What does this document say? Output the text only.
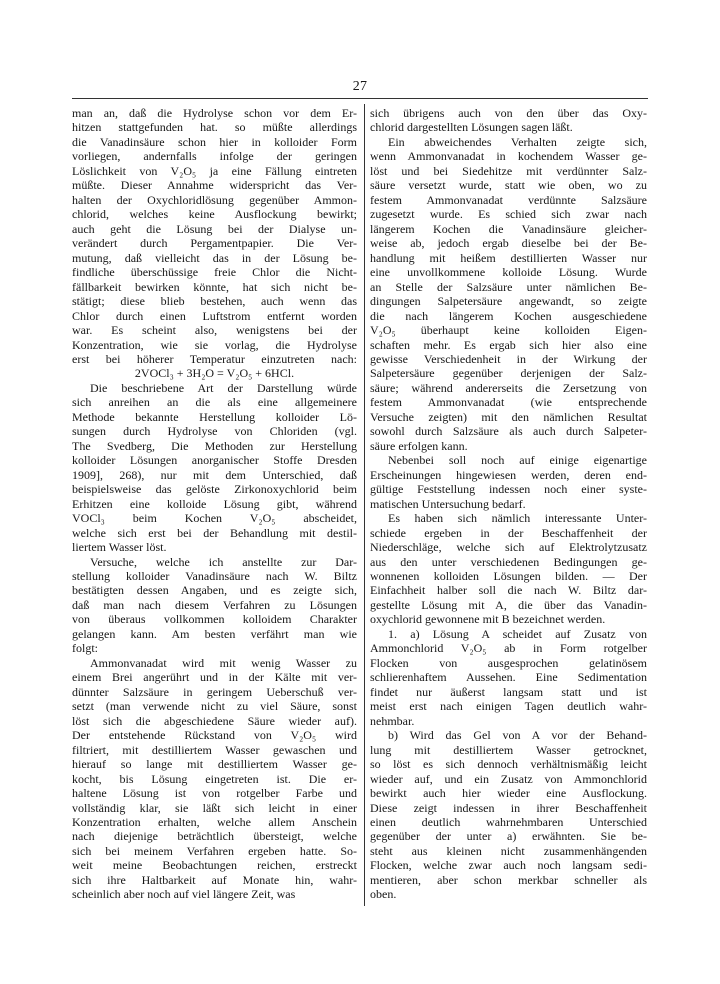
27
man an, daß die Hydrolyse schon vor dem Er-
hitzen stattgefunden hat. so müßte allerdings
die Vanadinsäure schon hier in kolloider Form
vorliegen, andernfalls infolge der geringen
Löslichkeit von V₂O₅ ja eine Fällung eintreten
müßte. Dieser Annahme widerspricht das Ver-
halten der Oxychloridlösung gegenüber Ammon-
chlorid, welches keine Ausflockung bewirkt;
auch geht die Lösung bei der Dialyse un-
verändert durch Pergamentpapier. Die Ver-
mutung, daß vielleicht das in der Lösung be-
findliche überschüssige freie Chlor die Nicht-
fällbarkeit bewirken könnte, hat sich nicht be-
stätigt; diese blieb bestehen, auch wenn das
Chlor durch einen Luftstrom entfernt worden
war. Es scheint also, wenigstens bei der
Konzentration, wie sie vorlag, die Hydrolyse
erst bei höherer Temperatur einzutreten nach:
2VOCl₃ + 3H₂O = V₂O₅ + 6HCl.
Die beschriebene Art der Darstellung würde
sich anreihen an die als eine allgemeinere
Methode bekannte Herstellung kolloider Lö-
sungen durch Hydrolyse von Chloriden (vgl.
The Svedberg, Die Methoden zur Herstellung
kolloider Lösungen anorganischer Stoffe Dresden
1909], 268), nur mit dem Unterschied, daß
beispielsweise das gelöste Zirkonoxychlorid beim
Erhitzen eine kolloide Lösung gibt, während
VOCl₃ beim Kochen V₂O₅ abscheidet,
welche sich erst bei der Behandlung mit destil-
liertem Wasser löst.
Versuche, welche ich anstellte zur Dar-
stellung kolloider Vanadinsäure nach W. Biltz
bestätigten dessen Angaben, und es zeigte sich,
daß man nach diesem Verfahren zu Lösungen
von überaus vollkommen kolloidem Charakter
gelangen kann. Am besten verfährt man wie
folgt:
Ammonvanadat wird mit wenig Wasser zu
einem Brei angerührt und in der Kälte mit ver-
dünnter Salzsäure in geringem Ueberschuß ver-
setzt (man verwende nicht zu viel Säure, sonst
löst sich die abgeschiedene Säure wieder auf).
Der entstehende Rückstand von V₂O₅ wird
filtriert, mit destilliertem Wasser gewaschen und
hierauf so lange mit destilliertem Wasser ge-
kocht, bis Lösung eingetreten ist. Die er-
haltene Lösung ist von rotgelber Farbe und
vollständig klar, sie läßt sich leicht in einer
Konzentration erhalten, welche allem Anschein
nach diejenige beträchtlich übersteigt, welche
sich bei meinem Verfahren ergeben hatte. So-
weit meine Beobachtungen reichen, erstreckt
sich ihre Haltbarkeit auf Monate hin, wahr-
scheinlich aber noch auf viel längere Zeit, was
sich übrigens auch von den über das Oxy-
chlorid dargestellten Lösungen sagen läßt.
Ein abweichendes Verhalten zeigte sich,
wenn Ammonvanadat in kochendem Wasser ge-
löst und bei Siedehitze mit verdünnter Salz-
säure versetzt wurde, statt wie oben, wo zu
festem Ammonvanadat verdünnte Salzsäure
zugesetzt wurde. Es schied sich zwar nach
längerem Kochen die Vanadinsäure gleicher-
weise ab, jedoch ergab dieselbe bei der Be-
handlung mit heißem destillierten Wasser nur
eine unvollkommene kolloide Lösung. Wurde
an Stelle der Salzsäure unter nämlichen Be-
dingungen Salpetersäure angewandt, so zeigte
die nach längerem Kochen ausgeschiedene
V₂O₅ überhaupt keine kolloiden Eigen-
schaften mehr. Es ergab sich hier also eine
gewisse Verschiedenheit in der Wirkung der
Salpetersäure gegenüber derjenigen der Salz-
säure; während andererseits die Zersetzung von
festem Ammonvanadat (wie entsprechende
Versuche zeigten) mit den nämlichen Resultat
sowohl durch Salzsäure als auch durch Salpeter-
säure erfolgen kann.
Nebenbei soll noch auf einige eigenartige
Erscheinungen hingewiesen werden, deren end-
gültige Feststellung indessen noch einer syste-
matischen Untersuchung bedarf.
Es haben sich nämlich interessante Unter-
schiede ergeben in der Beschaffenheit der
Niederschläge, welche sich auf Elektrolytzusatz
aus den unter verschiedenen Bedingungen ge-
wonnenen kolloiden Lösungen bilden. — Der
Einfachheit halber soll die nach W. Biltz dar-
gestellte Lösung mit A, die über das Vanadin-
oxychlorid gewonnene mit B bezeichnet werden.
1. a) Lösung A scheidet auf Zusatz von
Ammonchlorid V₂O₅ ab in Form rotgelber
Flocken von ausgesprochen gelatinösem
schlierenhaftem Aussehen. Eine Sedimentation
findet nur äußerst langsam statt und ist
meist erst nach einigen Tagen deutlich wahr-
nehmbar.
b) Wird das Gel von A vor der Behand-
lung mit destilliertem Wasser getrocknet,
so löst es sich dennoch verhältnismäßig leicht
wieder auf, und ein Zusatz von Ammonchlorid
bewirkt auch hier wieder eine Ausflockung.
Diese zeigt indessen in ihrer Beschaffenheit
einen deutlich wahrnehmbaren Unterschied
gegenüber der unter a) erwähnten. Sie be-
steht aus kleinen nicht zusammenhängenden
Flocken, welche zwar auch noch langsam sedi-
mentieren, aber schon merkbar schneller als
oben.
